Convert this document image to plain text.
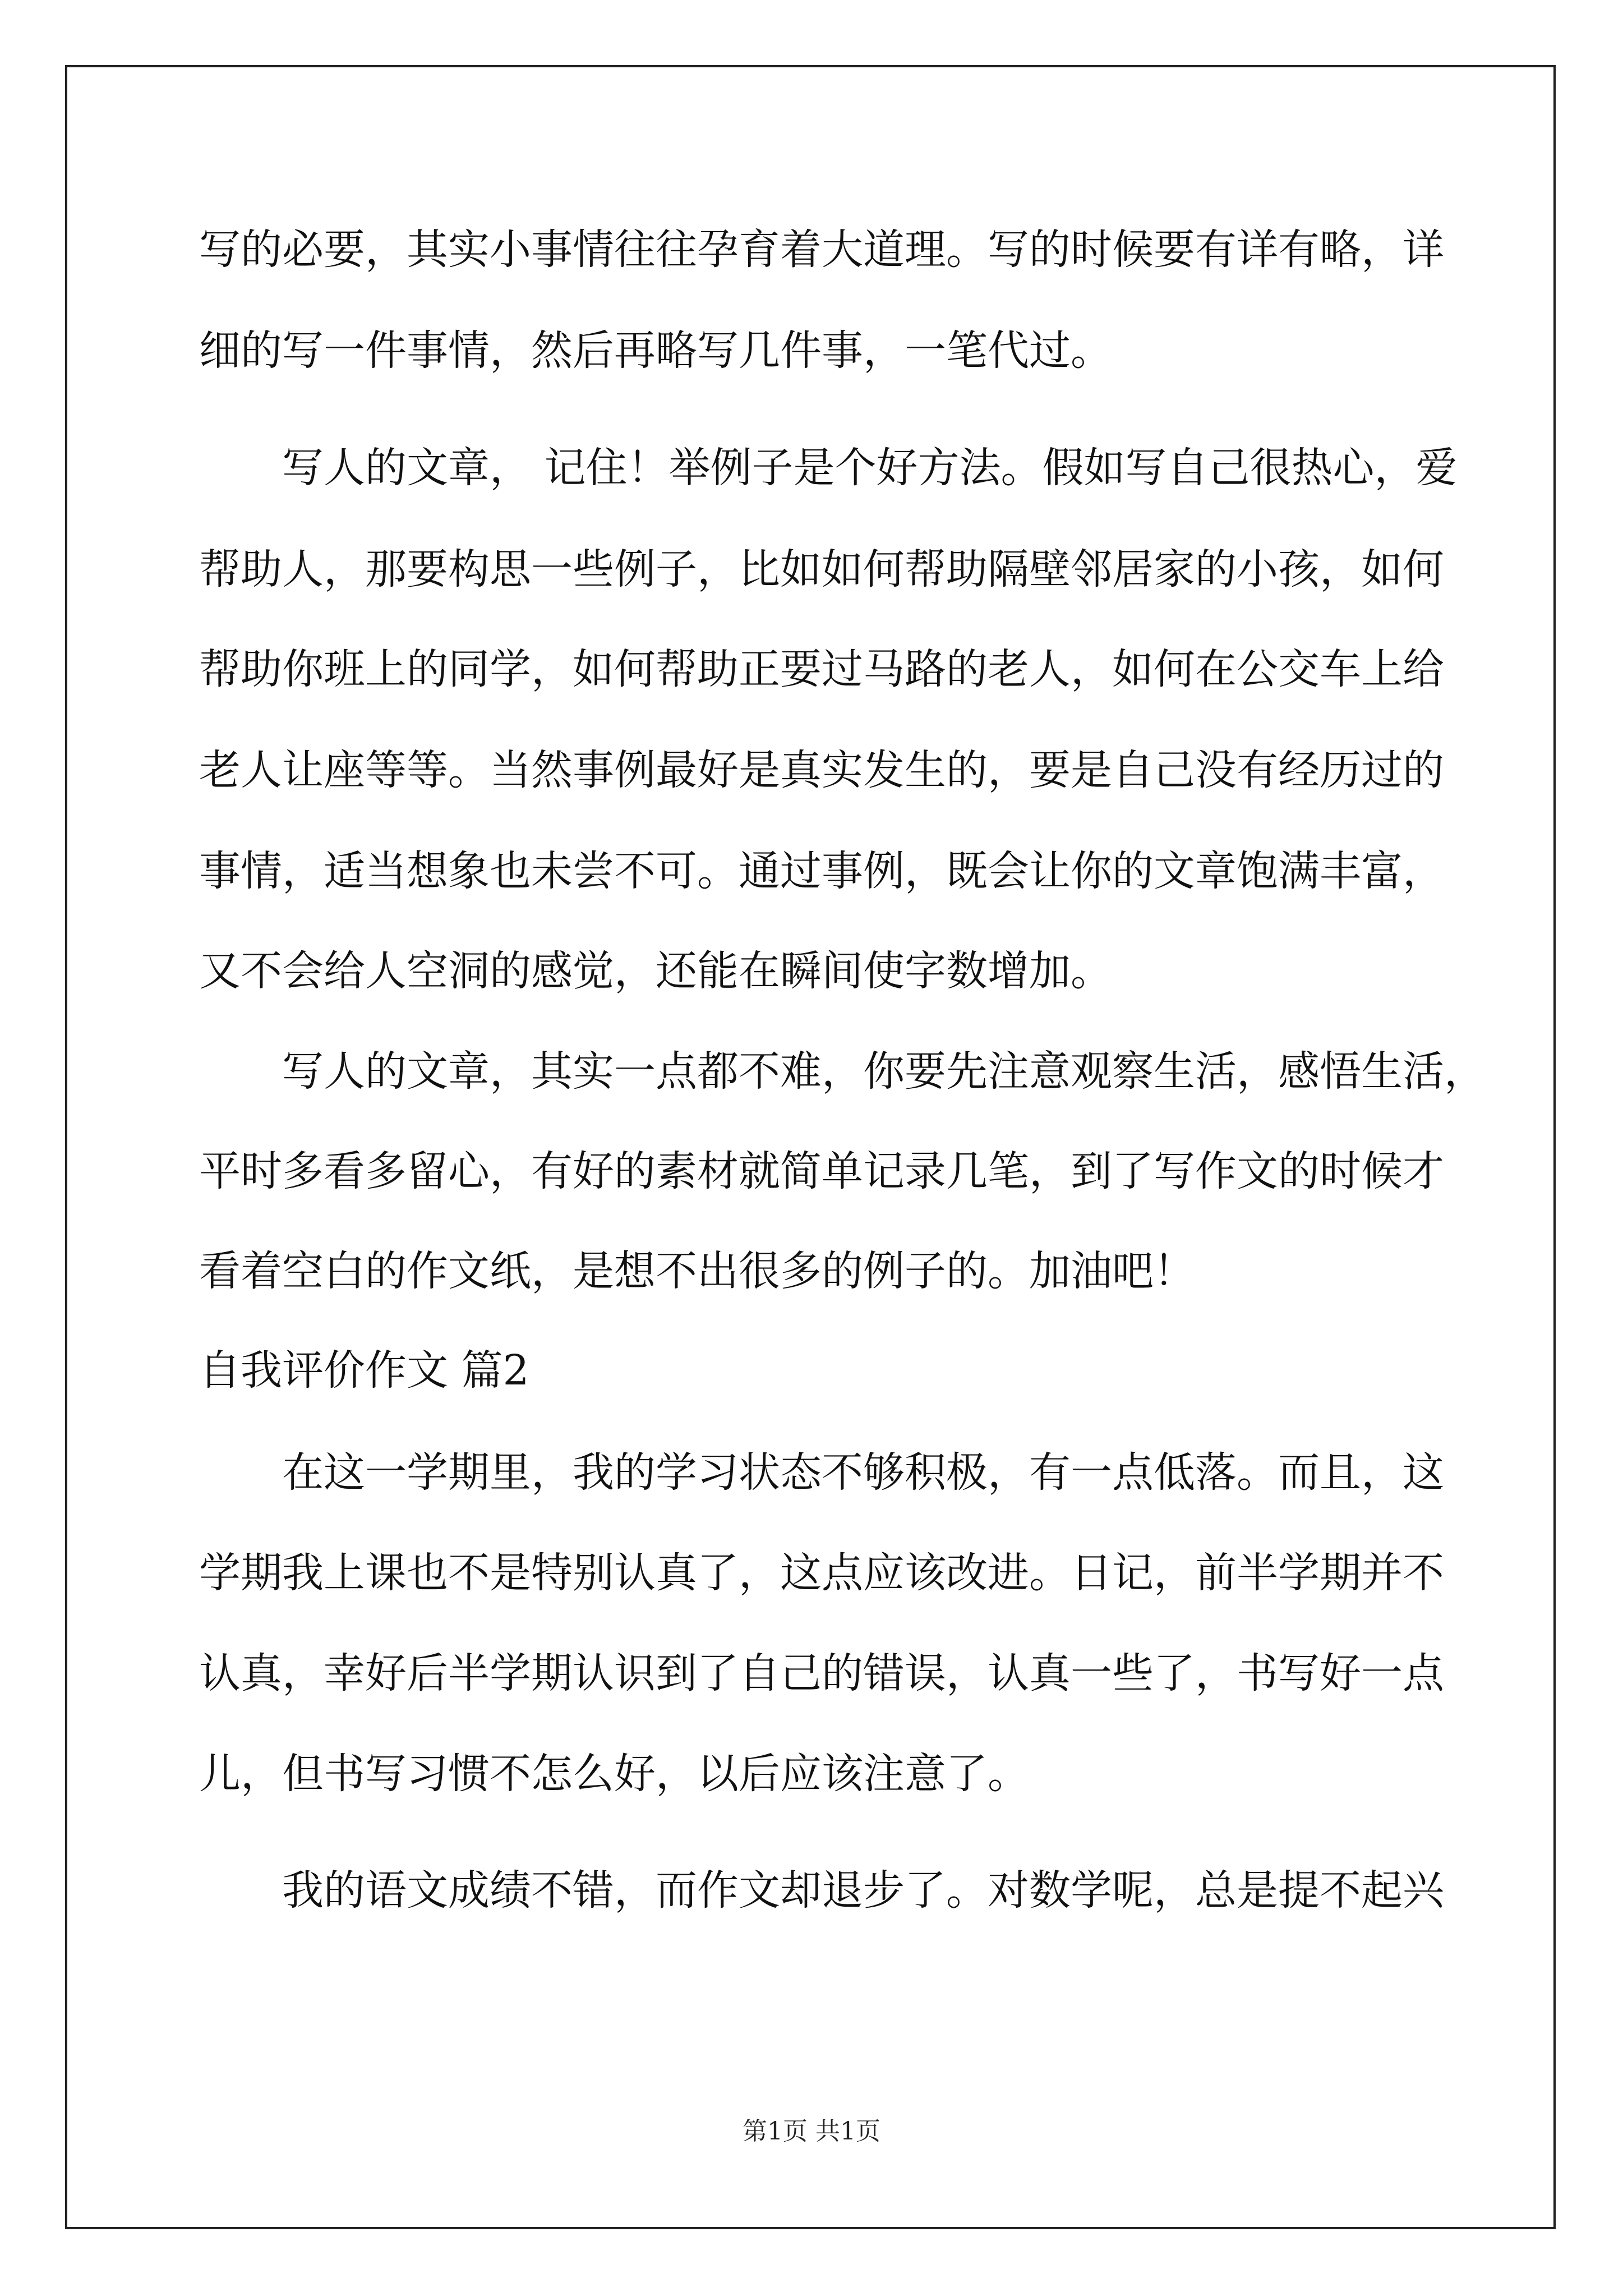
写的必要，其实小事情往往孕育着大道理。写的时候要有详有略，详
细的写一件事情，然后再略写几件事，一笔代过。
写人的文章， 记住！举例子是个好方法。假如写自己很热心，爱
帮助人，那要构思一些例子，比如如何帮助隔壁邻居家的小孩，如何
帮助你班上的同学，如何帮助正要过马路的老人，如何在公交车上给
老人让座等等。当然事例最好是真实发生的，要是自己没有经历过的
事情，适当想象也未尝不可。通过事例，既会让你的文章饱满丰富，
又不会给人空洞的感觉，还能在瞬间使字数增加。
写人的文章，其实一点都不难，你要先注意观察生活，感悟生活，
平时多看多留心，有好的素材就简单记录几笔，到了写作文的时候才
看着空白的作文纸，是想不出很多的例子的。加油吧！
自我评价作文 篇2
在这一学期里，我的学习状态不够积极，有一点低落。而且，这
学期我上课也不是特别认真了，这点应该改进。日记，前半学期并不
认真，幸好后半学期认识到了自己的错误，认真一些了，书写好一点
儿，但书写习惯不怎么好，以后应该注意了。
我的语文成绩不错，而作文却退步了。对数学呢，总是提不起兴
第1页 共1页
